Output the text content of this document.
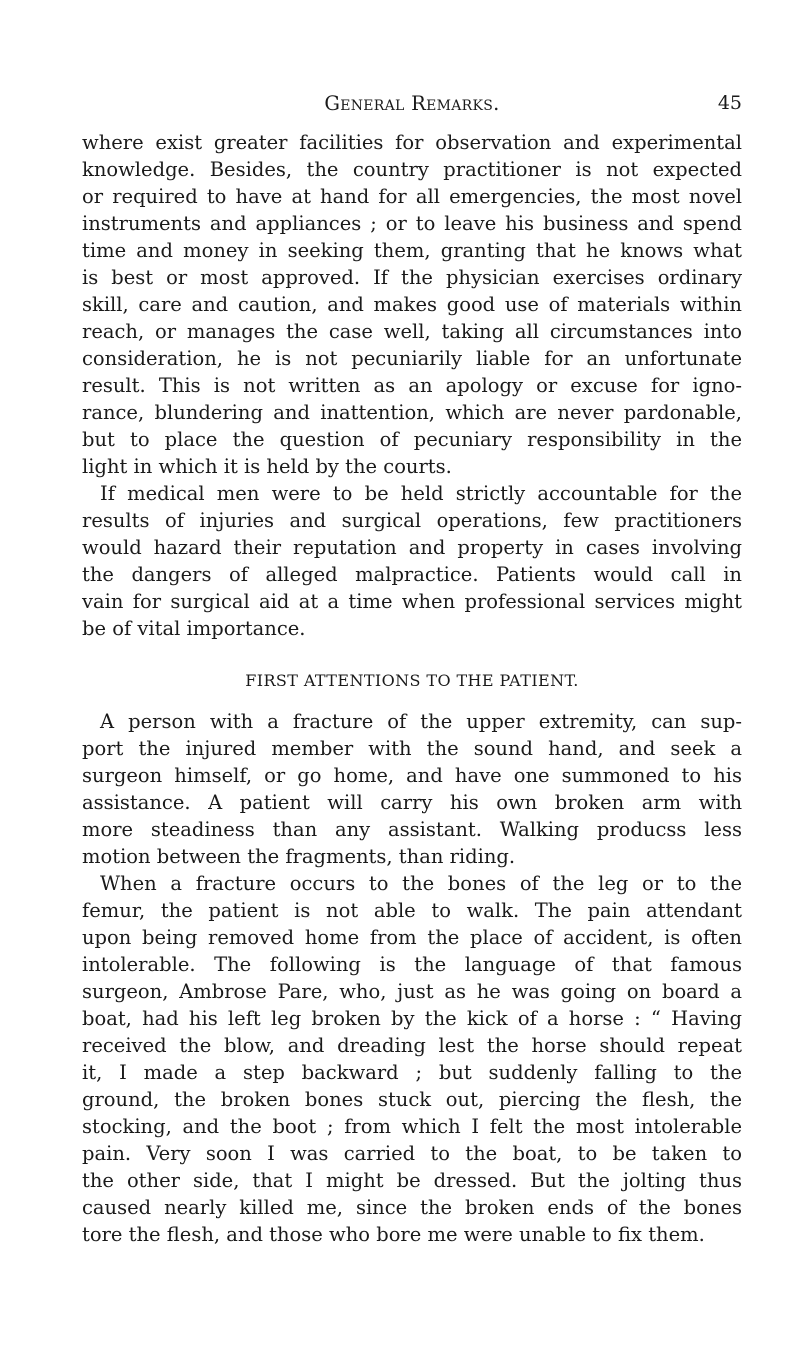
General Remarks.	45
where exist greater facilities for observation and experimental
knowledge. Besides, the country practitioner is not expected
or required to have at hand for all emergencies, the most novel
instruments and appliances ; or to leave his business and spend
time and money in seeking them, granting that he knows what
is best or most approved. If the physician exercises ordinary
skill, care and caution, and makes good use of materials within
reach, or manages the case well, taking all circumstances into
consideration, he is not pecuniarily liable for an unfortunate
result. This is not written as an apology or excuse for igno-
rance, blundering and inattention, which are never pardonable,
but to place the question of pecuniary responsibility in the
light in which it is held by the courts.
If medical men were to be held strictly accountable for the
results of injuries and surgical operations, few practitioners
would hazard their reputation and property in cases involving
the dangers of alleged malpractice. Patients would call in
vain for surgical aid at a time when professional services might
be of vital importance.
FIRST ATTENTIONS TO THE PATIENT.
A person with a fracture of the upper extremity, can sup-
port the injured member with the sound hand, and seek a
surgeon himself, or go home, and have one summoned to his
assistance. A patient will carry his own broken arm with
more steadiness than any assistant. Walking producss less
motion between the fragments, than riding.
When a fracture occurs to the bones of the leg or to the
femur, the patient is not able to walk. The pain attendant
upon being removed home from the place of accident, is often
intolerable. The following is the language of that famous
surgeon, Ambrose Pare, who, just as he was going on board a
boat, had his left leg broken by the kick of a horse : “ Having
received the blow, and dreading lest the horse should repeat
it, I made a step backward ; but suddenly falling to the
ground, the broken bones stuck out, piercing the flesh, the
stocking, and the boot ; from which I felt the most intolerable
pain. Very soon I was carried to the boat, to be taken to
the other side, that I might be dressed. But the jolting thus
caused nearly killed me, since the broken ends of the bones
tore the flesh, and those who bore me were unable to fix them.
